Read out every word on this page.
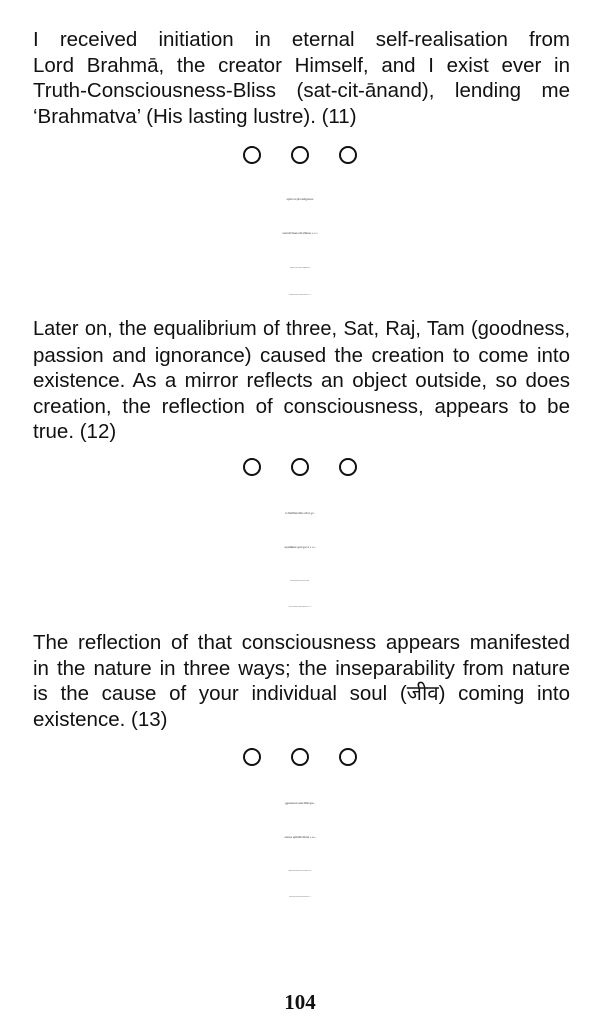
I received initiation in eternal self-realisation from
Lord Brahmā, the creator Himself, and I exist ever in
Truth-Consciousness-Bliss (sat-cit-ānand), lending me
‘Brahmatva’ (His lasting lustre). (11)

प्रकृतित्वं ततः सृष्टिं सत्त्वादिगुणसाम्यतः

सत्यमाभाति चिच्छाया दर्पणे प्रतिबिम्बवत् ॥ १२ ॥

prakṛtitvaṃ tata: sṛṣṭiṃ sattvādiguṇasāmyata:

satyamābhāti cicchāyā darpaṇe pratibimbavat || 12 ||

Later on, the equalibrium of three, Sat, Raj, Tam (goodness,
passion and ignorance) caused the creation to come into
existence. As a mirror reflects an object outside, so does
creation, the reflection of consciousness, appears to be
true. (12)

तेन चित्प्रतिबिम्बेन त्रिविधा भाति सा पुनः ।

प्रकृत्यवच्छिन्नतया पुरुषत्वं पुनश्च ते ॥ १३ ॥

tena citpratibimbena trividhā bhāti sā puna: |

prakṛtyavacchinnatayā puruṣatvaṃ punaśca te || 13 ||

The reflection of that consciousness appears manifested
in the nature in three ways; the inseparability from nature
is the cause of your individual soul (जीव) coming into
existence. (13)

शुद्धसत्त्वप्रधानायां मायायां बिम्बितो ह्यजः ।

सत्त्वप्रधाना प्रकृतिर्मायेति प्रतिपाद्यते ॥ १४ ॥

śuddhasattvapradhānāyāṃ māyāyāṃ bimbito hyaja: |

sattvapradhānā prakṛtirmāyeti pratipādyate || 14 ||

104
